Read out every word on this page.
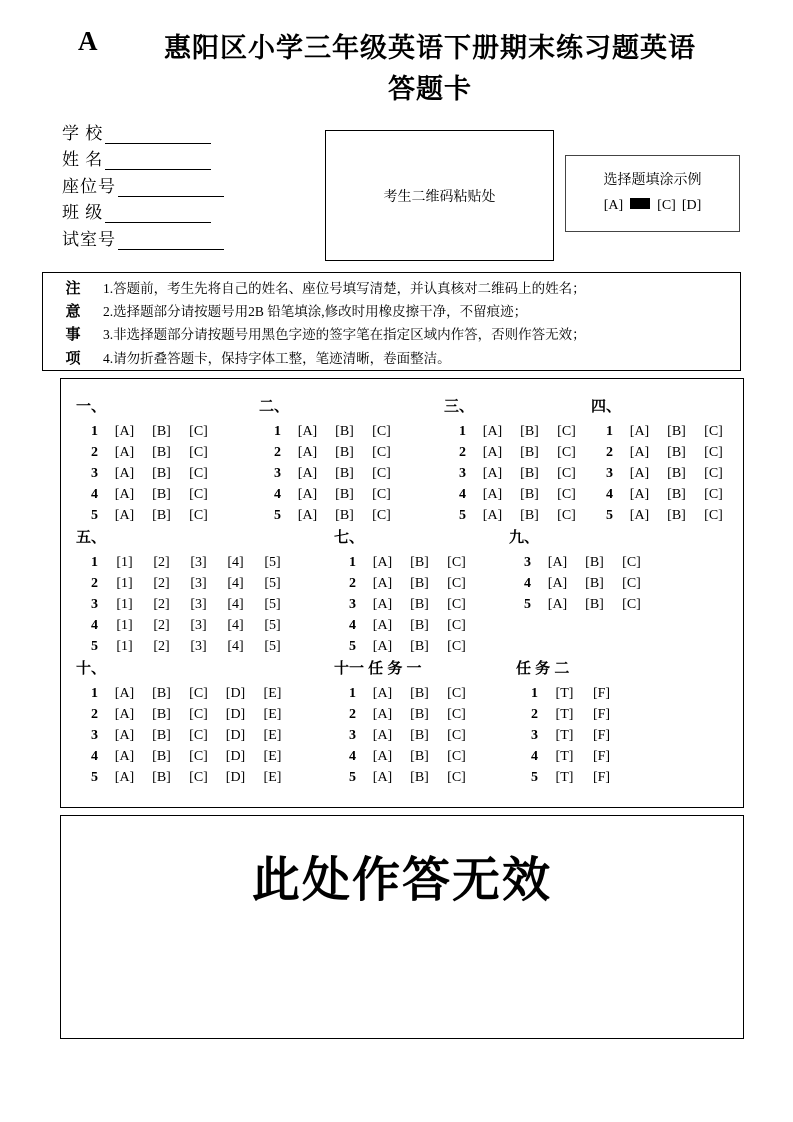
A	惠阳区小学三年级英语下册期末练习题英语
答题卡
学 校
姓 名
座位号
班 级
试室号
考生二维码粘贴处
选择题填涂示例
[A] [C] [D]
注
意
事
项
1.答题前，考生先将自己的姓名、座位号填写清楚，并认真核对二维码上的姓名；
2.选择题部分请按题号用2B 铅笔填涂,修改时用橡皮擦干净，不留痕迹；
3.非选择题部分请按题号用黑色字迹的签字笔在指定区域内作答，否则作答无效；
4.请勿折叠答题卡，保持字体工整，笔迹清晰，卷面整洁。
一、
1	[A]	[B]	[C]
2	[A]	[B]	[C]
3	[A]	[B]	[C]
4	[A]	[B]	[C]
5	[A]	[B]	[C]
二、
1	[A]	[B]	[C]
2	[A]	[B]	[C]
3	[A]	[B]	[C]
4	[A]	[B]	[C]
5	[A]	[B]	[C]
三、
1	[A]	[B]	[C]
2	[A]	[B]	[C]
3	[A]	[B]	[C]
4	[A]	[B]	[C]
5	[A]	[B]	[C]
四、
1	[A]	[B]	[C]
2	[A]	[B]	[C]
3	[A]	[B]	[C]
4	[A]	[B]	[C]
5	[A]	[B]	[C]
五、
1	[1]	[2]	[3]	[4]	[5]
2	[1]	[2]	[3]	[4]	[5]
3	[1]	[2]	[3]	[4]	[5]
4	[1]	[2]	[3]	[4]	[5]
5	[1]	[2]	[3]	[4]	[5]
七、
1	[A]	[B]	[C]
2	[A]	[B]	[C]
3	[A]	[B]	[C]
4	[A]	[B]	[C]
5	[A]	[B]	[C]
九、
3	[A]	[B]	[C]
4	[A]	[B]	[C]
5	[A]	[B]	[C]
十、
1	[A]	[B]	[C]	[D]	[E]
2	[A]	[B]	[C]	[D]	[E]
3	[A]	[B]	[C]	[D]	[E]
4	[A]	[B]	[C]	[D]	[E]
5	[A]	[B]	[C]	[D]	[E]
十一 任 务 一
1	[A]	[B]	[C]
2	[A]	[B]	[C]
3	[A]	[B]	[C]
4	[A]	[B]	[C]
5	[A]	[B]	[C]
任 务 二
1	[T]	[F]
2	[T]	[F]
3	[T]	[F]
4	[T]	[F]
5	[T]	[F]
此处作答无效
